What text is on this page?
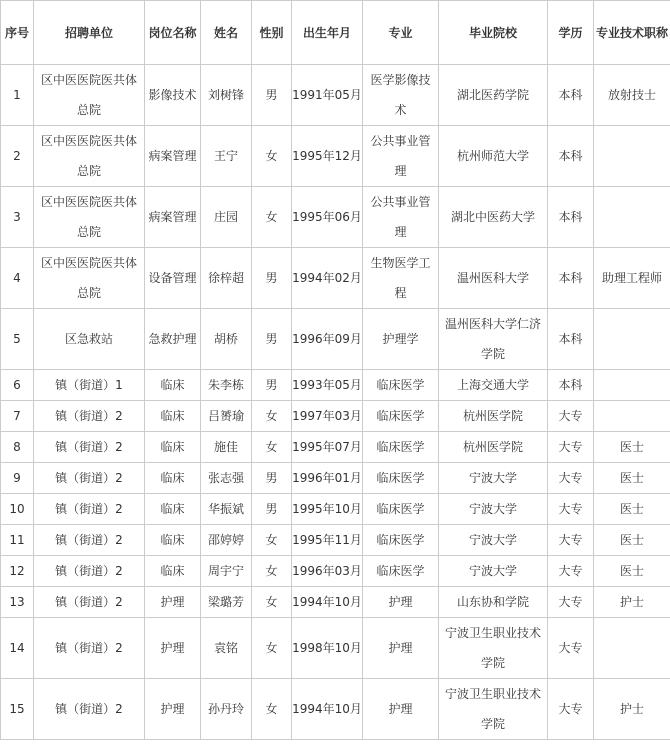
序号	招聘单位	岗位名称	姓名	性别	出生年月	专业	毕业院校	学历	专业技术职称
1	区中医医院医共体总院	影像技术	刘树锋	男	1991年05月	医学影像技术	湖北医药学院	本科	放射技士
2	区中医医院医共体总院	病案管理	王宁	女	1995年12月	公共事业管理	杭州师范大学	本科	
3	区中医医院医共体总院	病案管理	庄园	女	1995年06月	公共事业管理	湖北中医药大学	本科	
4	区中医医院医共体总院	设备管理	徐梓超	男	1994年02月	生物医学工程	温州医科大学	本科	助理工程师
5	区急救站	急救护理	胡桥	男	1996年09月	护理学	温州医科大学仁济学院	本科	
6	镇（街道）1	临床	朱李栋	男	1993年05月	临床医学	上海交通大学	本科	
7	镇（街道）2	临床	吕赟瑜	女	1997年03月	临床医学	杭州医学院	大专	
8	镇（街道）2	临床	施佳	女	1995年07月	临床医学	杭州医学院	大专	医士
9	镇（街道）2	临床	张志强	男	1996年01月	临床医学	宁波大学	大专	医士
10	镇（街道）2	临床	华振斌	男	1995年10月	临床医学	宁波大学	大专	医士
11	镇（街道）2	临床	邵婷婷	女	1995年11月	临床医学	宁波大学	大专	医士
12	镇（街道）2	临床	周宇宁	女	1996年03月	临床医学	宁波大学	大专	医士
13	镇（街道）2	护理	梁璐芳	女	1994年10月	护理	山东协和学院	大专	护士
14	镇（街道）2	护理	袁铭	女	1998年10月	护理	宁波卫生职业技术学院	大专	
15	镇（街道）2	护理	孙丹玲	女	1994年10月	护理	宁波卫生职业技术学院	大专	护士
